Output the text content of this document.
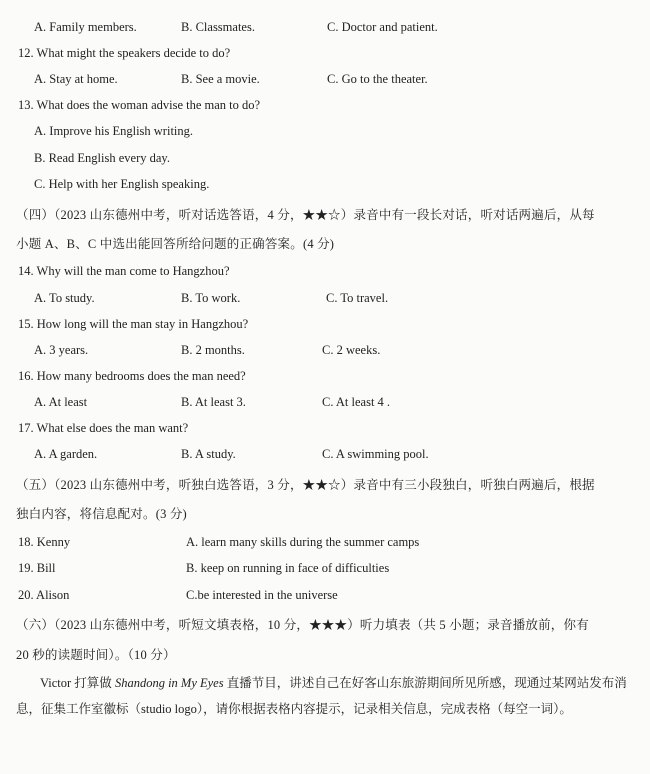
A. Family members.	B. Classmates.	C. Doctor and patient.
12. What might the speakers decide to do?
A. Stay at home.	B. See a movie.	C. Go to the theater.
13. What does the woman advise the man to do?
A. Improve his English writing.
B. Read English every day.
C. Help with her English speaking.
（四）（2023 山东德州中考，听对话选答语，4 分，★★☆）录音中有一段长对话，听对话两遍后，从每
小题 A、B、C 中选出能回答所给问题的正确答案。(4 分)
14. Why will the man come to Hangzhou?
A. To study.	B. To work.	C. To travel.
15. How long will the man stay in Hangzhou?
A. 3 years.	B. 2 months.	C. 2 weeks.
16. How many bedrooms does the man need?
A. At least	B. At least 3.	C. At least 4 .
17. What else does the man want?
A. A garden.	B. A study.	C. A swimming pool.
（五）（2023 山东德州中考，听独白选答语，3 分，★★☆）录音中有三小段独白，听独白两遍后，根据
独白内容，将信息配对。(3 分)
18. Kenny	A. learn many skills during the summer camps
19. Bill	B. keep on running in face of difficulties
20. Alison	C.be interested in the universe
（六）（2023 山东德州中考，听短文填表格，10 分，★★★）听力填表（共 5 小题；录音播放前，你有
20 秒的读题时间）。（10 分）
Victor 打算做 Shandong in My Eyes 直播节目，讲述自己在好客山东旅游期间所见所感，现通过某网站发布消息，征集工作室徽标（studio logo），请你根据表格内容提示，记录相关信息，完成表格（每空一词）。
